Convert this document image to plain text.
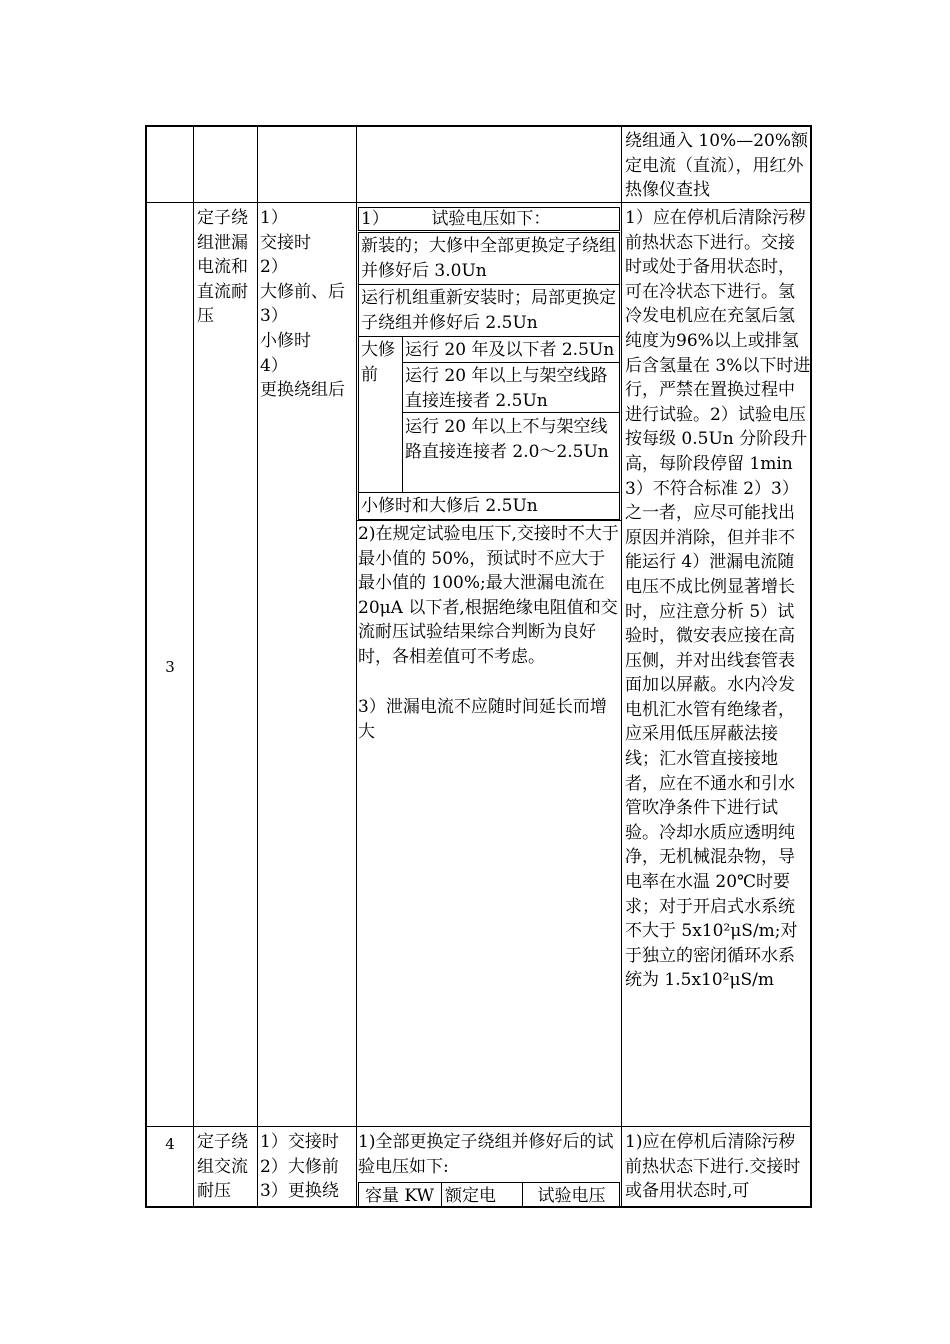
绕组通入 10%—20%额定电流（直流），用红外热像仪查找
3
定子绕组泄漏电流和直流耐压
1）
交接时
2）
大修前、后
3）
小修时
4）
更换绕组后
1）　　　试验电压如下：
新装的；大修中全部更换定子绕组并修好后 3.0Un
运行机组重新安装时；局部更换定子绕组并修好后 2.5Un
大修前
运行 20 年及以下者 2.5Un
运行 20 年以上与架空线路直接连接者 2.5Un
运行 20 年以上不与架空线路直接连接者 2.0～2.5Un
小修时和大修后 2.5Un
2)在规定试验电压下,交接时不大于最小值的 50%，预试时不应大于最小值的 100%;最大泄漏电流在 20μA 以下者,根据绝缘电阻值和交流耐压试验结果综合判断为良好时，各相差值可不考虑。
3）泄漏电流不应随时间延长而增大
1）应在停机后清除污秽前热状态下进行。交接时或处于备用状态时，可在冷状态下进行。氢冷发电机应在充氢后氢纯度为96%以上或排氢后含氢量在 3%以下时进行，严禁在置换过程中进行试验。2）试验电压按每级 0.5Un 分阶段升高，每阶段停留 1min 3）不符合标准 2）3）之一者，应尽可能找出原因并消除，但并非不能运行 4）泄漏电流随电压不成比例显著增长时，应注意分析 5）试验时，微安表应接在高压侧，并对出线套管表面加以屏蔽。水内冷发电机汇水管有绝缘者，应采用低压屏蔽法接线；汇水管直接接地者，应在不通水和引水管吹净条件下进行试验。冷却水质应透明纯净，无机械混杂物，导电率在水温 20℃时要求；对于开启式水系统不大于 5x10²μS/m;对于独立的密闭循环水系统为 1.5x10²μS/m
4	定子绕组交流耐压
1）交接时
2）大修前
3）更换绕
1)全部更换定子绕组并修好后的试验电压如下:
容量 KW 额定电	试验电压
1)应在停机后清除污秽前热状态下进行.交接时或备用状态时,可
